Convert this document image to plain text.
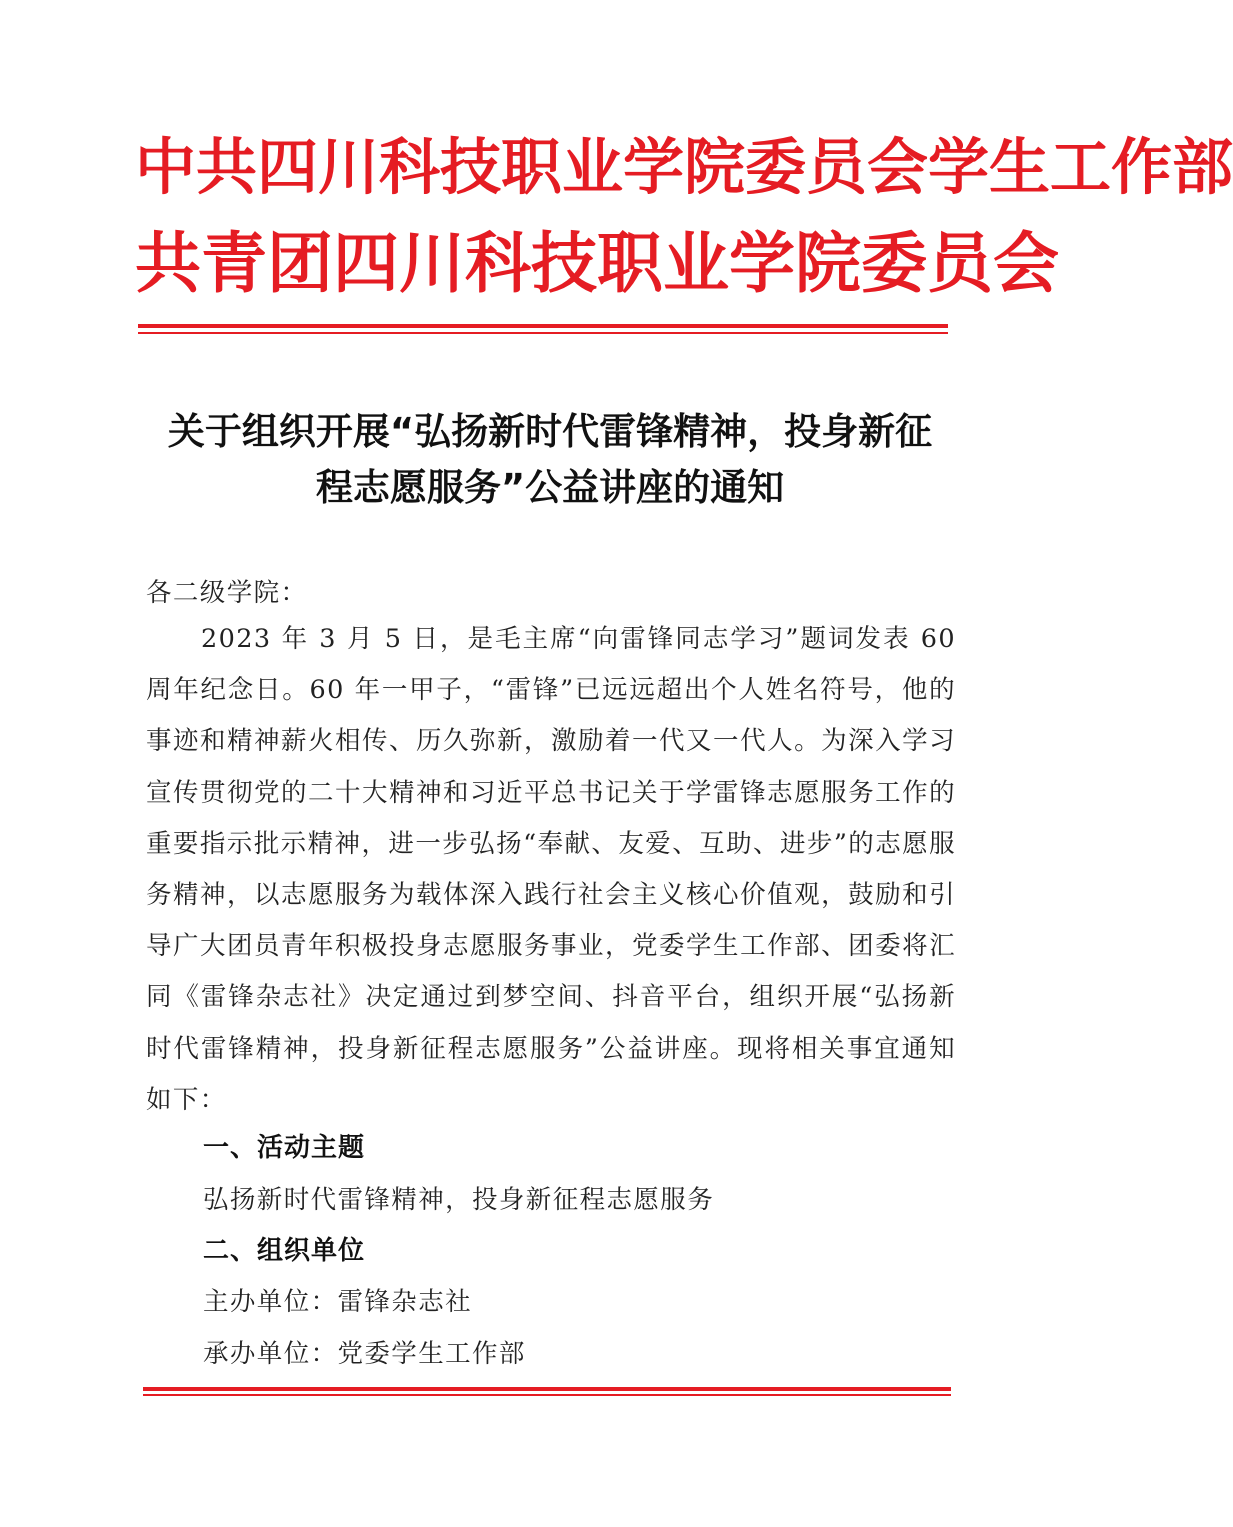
中共四川科技职业学院委员会学生工作部
共青团四川科技职业学院委员会
关于组织开展“弘扬新时代雷锋精神，投身新征
程志愿服务”公益讲座的通知
各二级学院：
2023 年 3 月 5 日，是毛主席“向雷锋同志学习”题词发表 60 周年纪念日。60 年一甲子，“雷锋”已远远超出个人姓名符号，他的事迹和精神薪火相传、历久弥新，激励着一代又一代人。为深入学习宣传贯彻党的二十大精神和习近平总书记关于学雷锋志愿服务工作的重要指示批示精神，进一步弘扬“奉献、友爱、互助、进步”的志愿服务精神，以志愿服务为载体深入践行社会主义核心价值观，鼓励和引导广大团员青年积极投身志愿服务事业，党委学生工作部、团委将汇同《雷锋杂志社》决定通过到梦空间、抖音平台，组织开展“弘扬新时代雷锋精神，投身新征程志愿服务”公益讲座。现将相关事宜通知如下：
一、活动主题
弘扬新时代雷锋精神，投身新征程志愿服务
二、组织单位
主办单位：雷锋杂志社
承办单位：党委学生工作部
